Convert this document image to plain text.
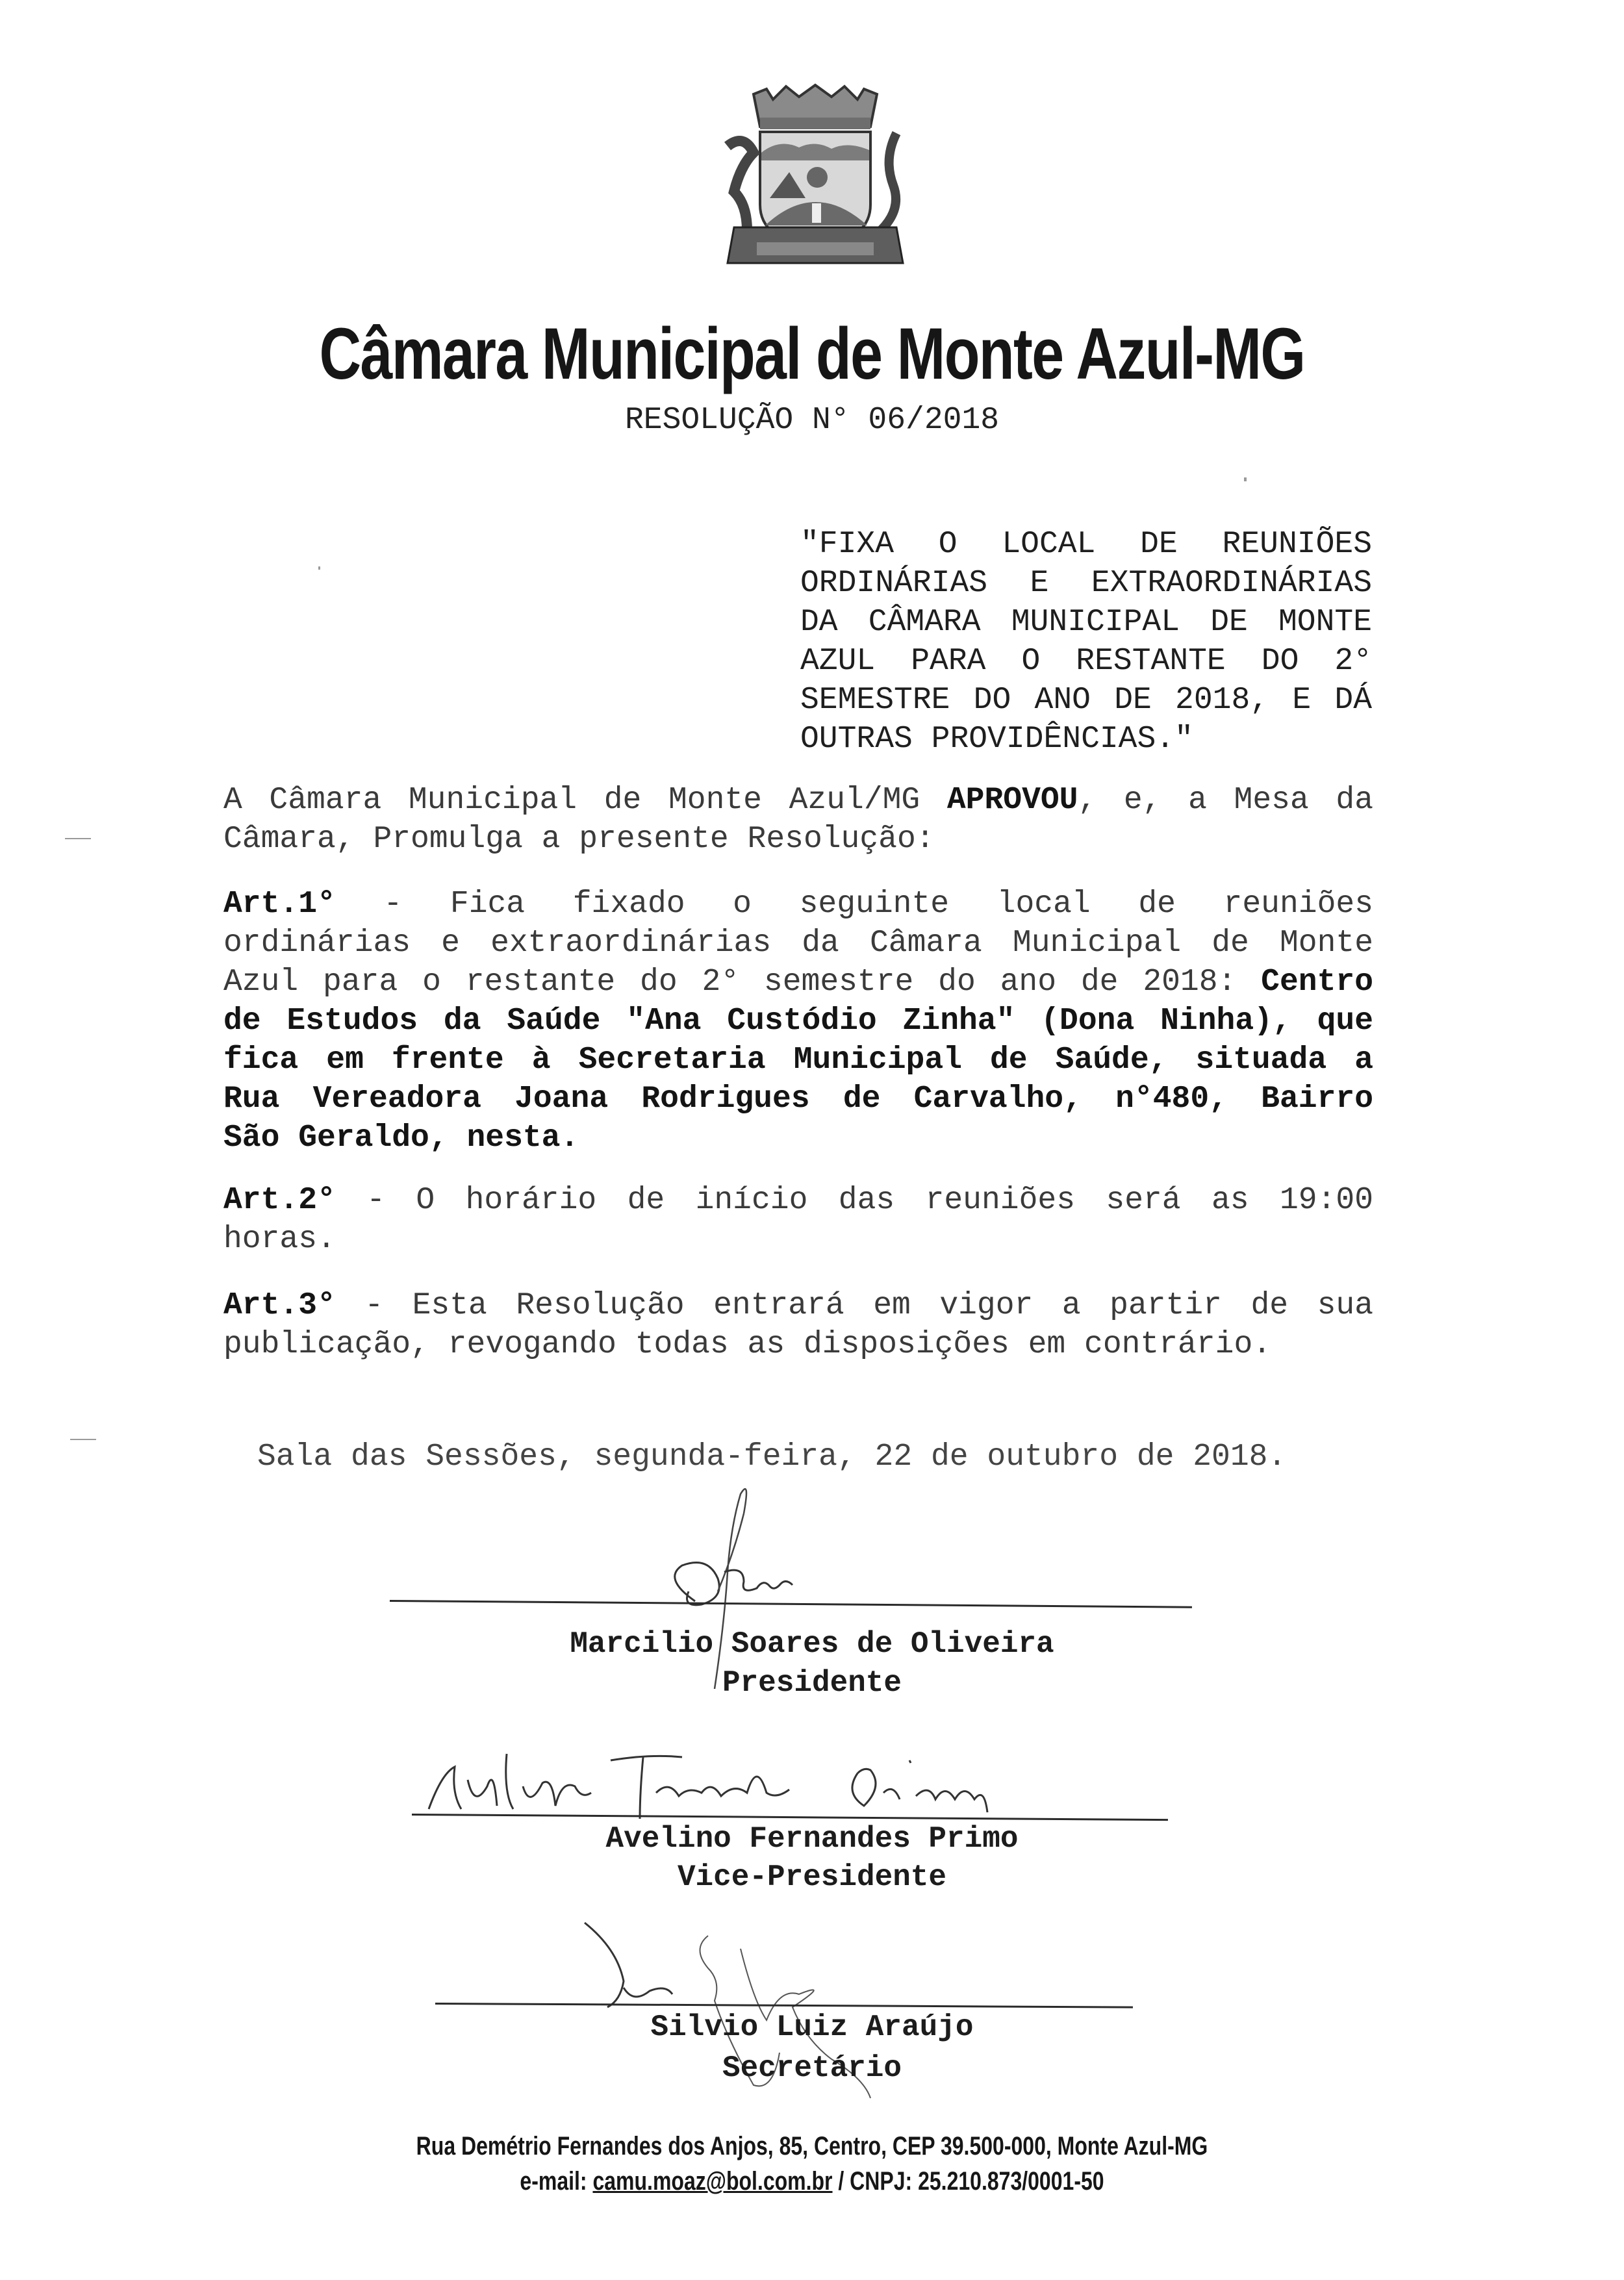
Câmara Municipal de Monte Azul-MG
RESOLUÇÃO N° 06/2018
"FIXA O LOCAL DE REUNIÕES
ORDINÁRIAS E EXTRAORDINÁRIAS
DA CÂMARA MUNICIPAL DE MONTE
AZUL PARA O RESTANTE DO 2°
SEMESTRE DO ANO DE 2018, E DÁ
OUTRAS PROVIDÊNCIAS."
A Câmara Municipal de Monte Azul/MG APROVOU, e, a Mesa da
Câmara, Promulga a presente Resolução:
Art.1° - Fica fixado o seguinte local de reuniões
ordinárias e extraordinárias da Câmara Municipal de Monte
Azul para o restante do 2° semestre do ano de 2018: Centro
de Estudos da Saúde "Ana Custódio Zinha" (Dona Ninha), que
fica em frente à Secretaria Municipal de Saúde, situada a
Rua Vereadora Joana Rodrigues de Carvalho, n°480, Bairro
São Geraldo, nesta.
Art.2° - O horário de início das reuniões será as 19:00
horas.
Art.3° - Esta Resolução entrará em vigor a partir de sua
publicação, revogando todas as disposições em contrário.
Sala das Sessões, segunda-feira, 22 de outubro de 2018.
Marcilio Soares de Oliveira
Presidente
Avelino Fernandes Primo
Vice-Presidente
Silvio Luiz Araújo
Secretário
Rua Demétrio Fernandes dos Anjos, 85, Centro, CEP 39.500-000, Monte Azul-MG
e-mail: camu.moaz@bol.com.br / CNPJ: 25.210.873/0001-50
